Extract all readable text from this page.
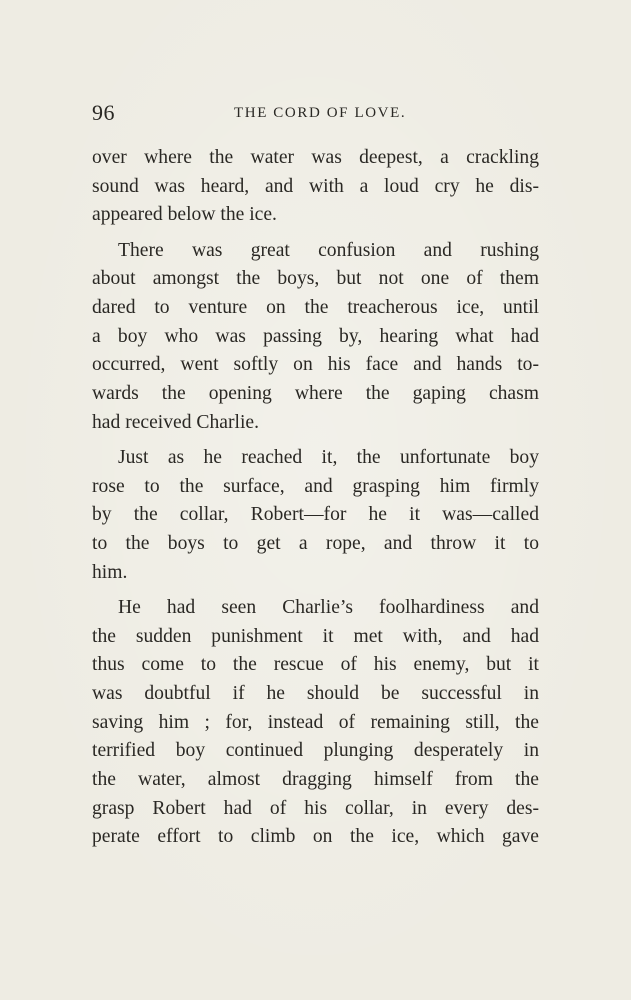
96	THE CORD OF LOVE.
over where the water was deepest, a crackling
sound was heard, and with a loud cry he dis-
appeared below the ice.
There was great confusion and rushing
about amongst the boys, but not one of them
dared to venture on the treacherous ice, until
a boy who was passing by, hearing what had
occurred, went softly on his face and hands to-
wards the opening where the gaping chasm
had received Charlie.
Just as he reached it, the unfortunate boy
rose to the surface, and grasping him firmly
by the collar, Robert—for he it was—called
to the boys to get a rope, and throw it to
him.
He had seen Charlie’s foolhardiness and
the sudden punishment it met with, and had
thus come to the rescue of his enemy, but it
was doubtful if he should be successful in
saving him ; for, instead of remaining still, the
terrified boy continued plunging desperately in
the water, almost dragging himself from the
grasp Robert had of his collar, in every des-
perate effort to climb on the ice, which gave
